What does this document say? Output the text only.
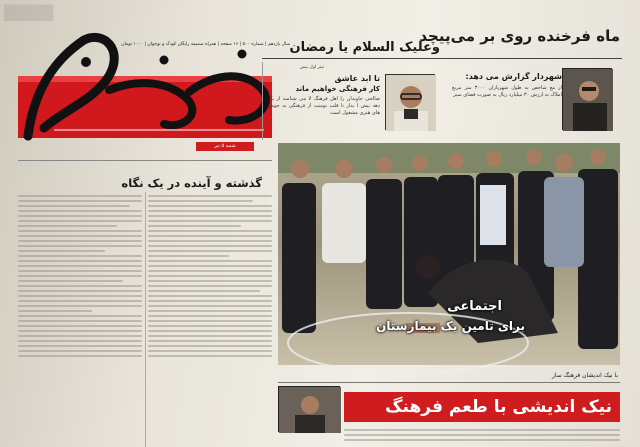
▇▇▇▇
سال یازدهم | شماره ۵۰۰ | ۱۶ صفحه | همراه ضمیمه رایگان کودک و نوجوان | ۱۰۰۰ تومان
شنبه ۵ تیر
ماه فرخنده روی بر می‌پیچد
وعلیک السلام یا رمضان
شهردار گزارش می دهد:
از مع شاخص به طول شهریاران ۳۰۰۰ متر مربع املاک به ارزش ۳۰ میلیارد ریال به صورت فضای سبز
تیتر اول بیش
تا ابد عاشق
کار فرهنگی خواهیم ماند
صالحی جاویدان را اهل فرهنگ لا می شناسد از یک دهه بیش ا بدار تا قلب نوست از فرهنگی به جوش های هنری مشغول است
گذشته و آینده در یک نگاه
اجتماعی
برای تامین یک بیمارستان
با نیک اندیشان فرهنگ ساز
نیک اندیشی با طعم فرهنگ
